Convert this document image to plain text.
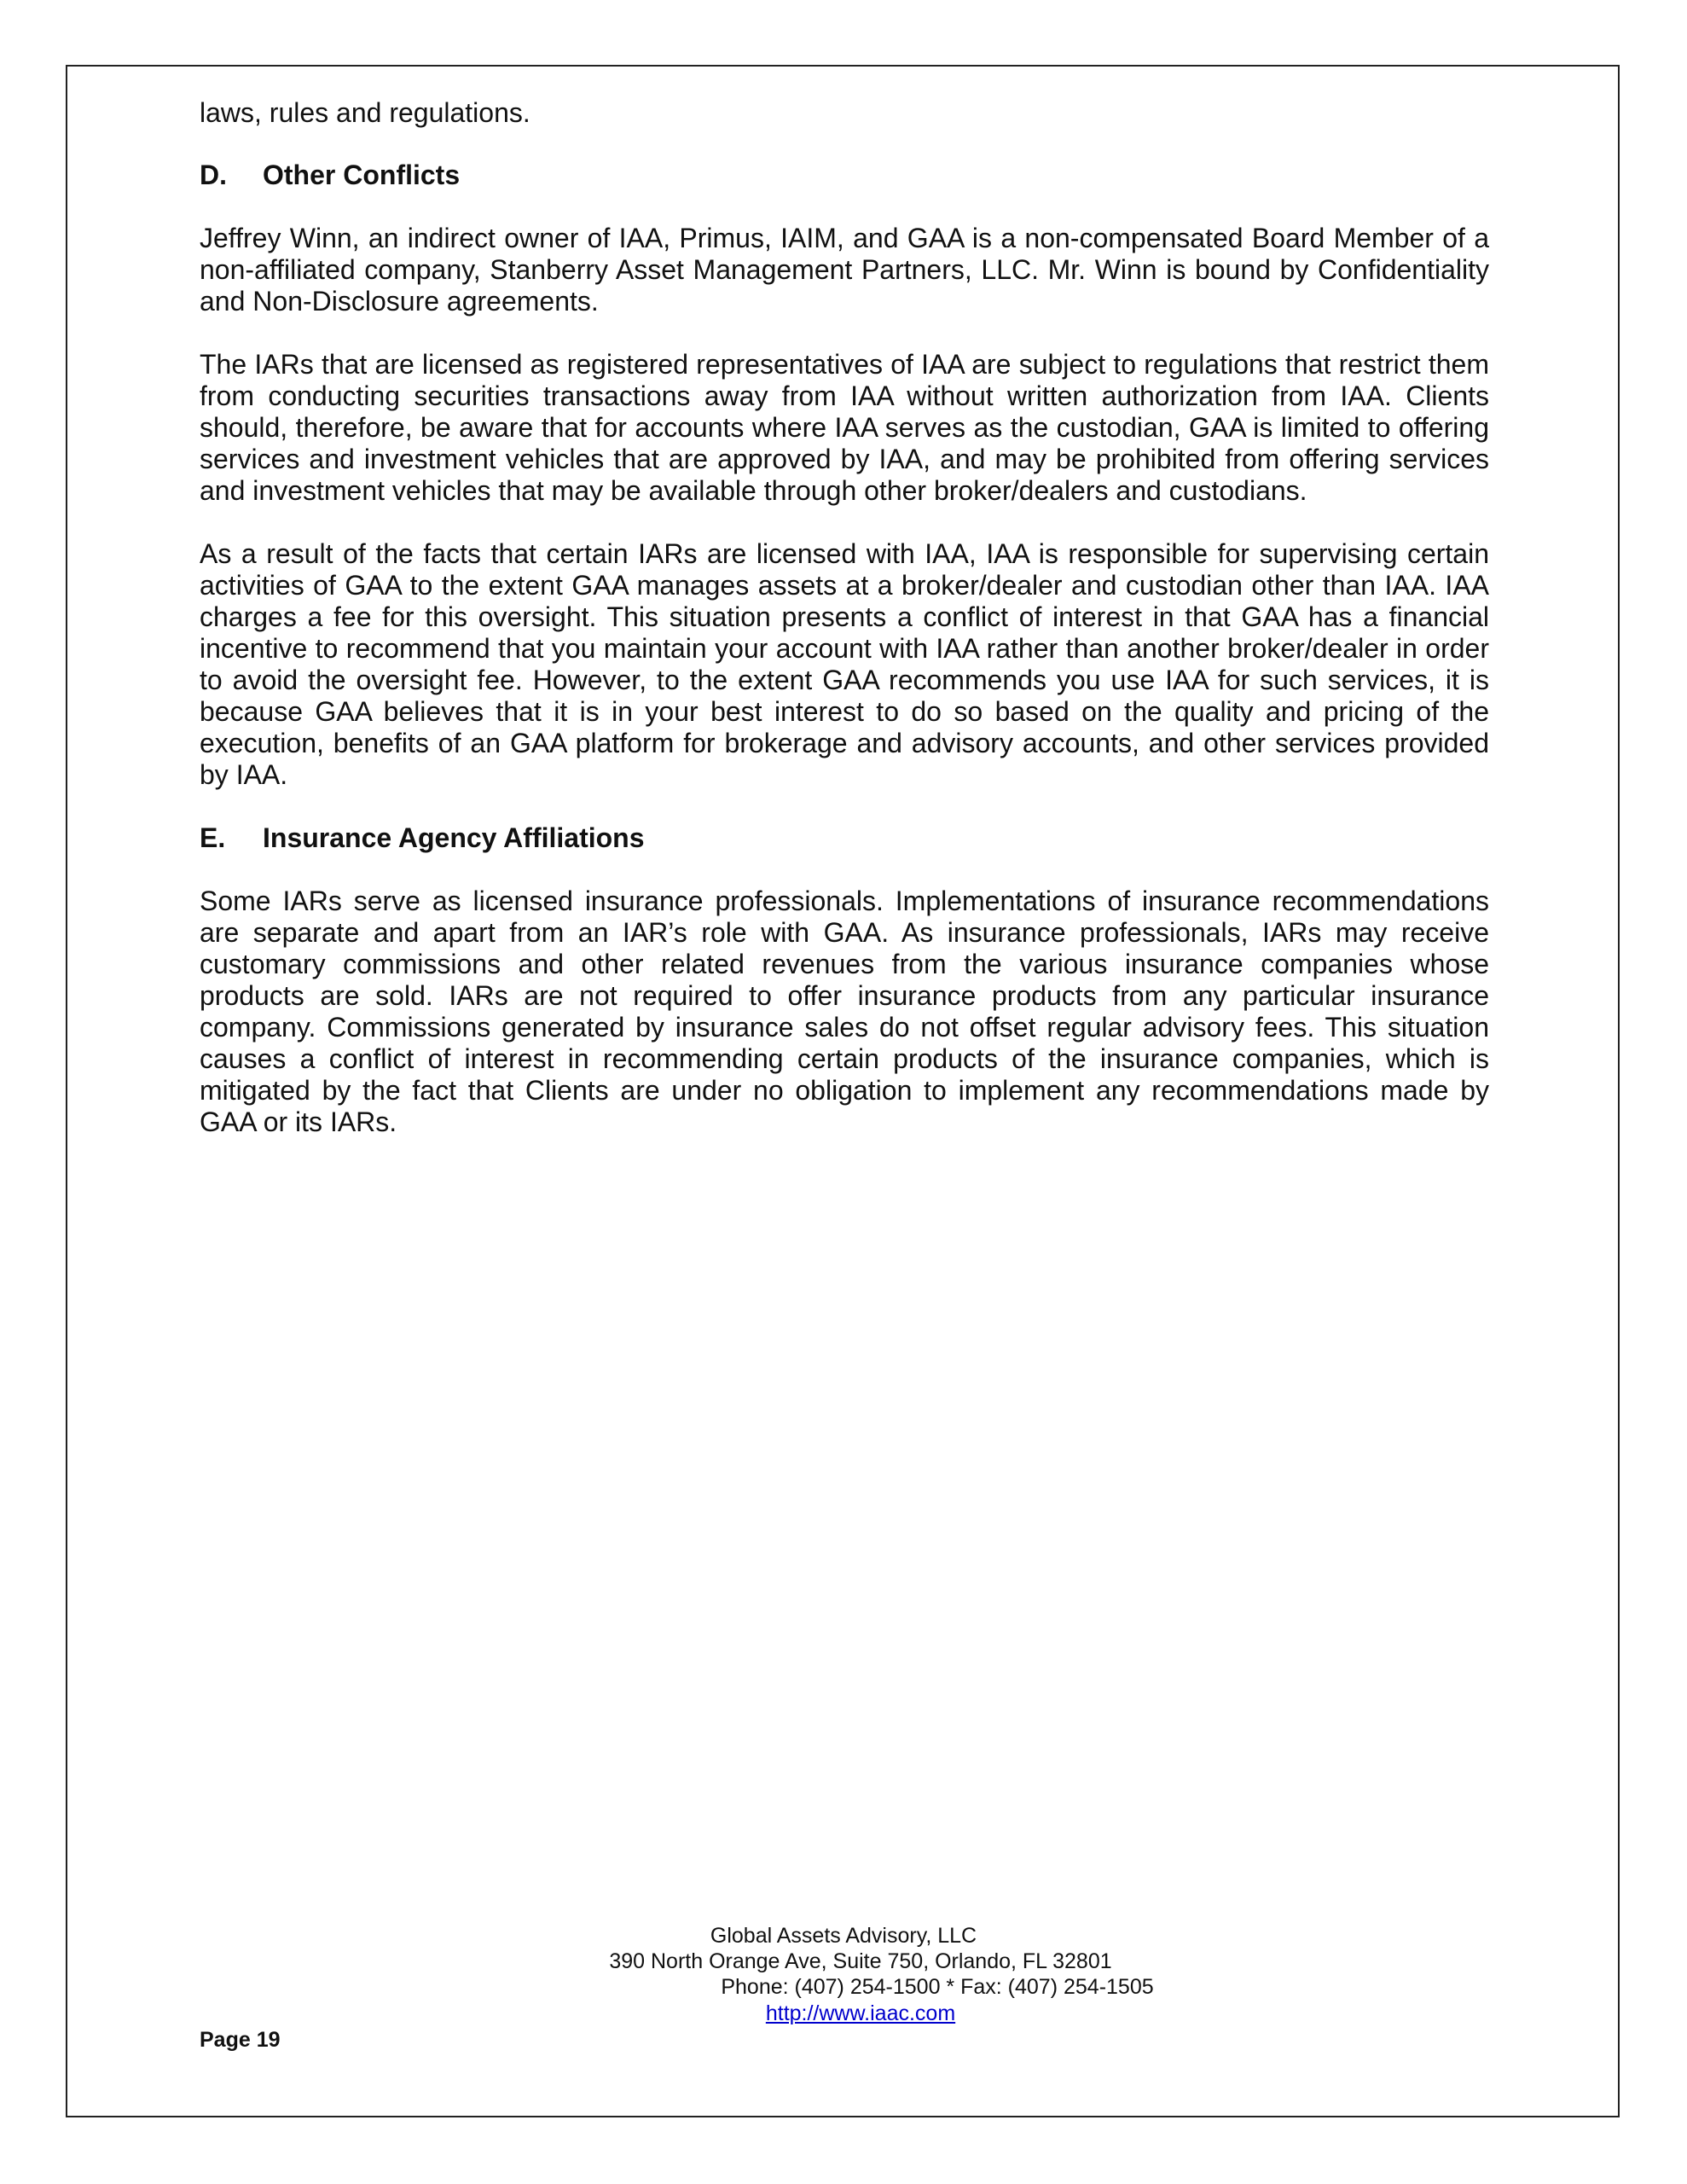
laws, rules and regulations.

D.	Other Conflicts

Jeffrey Winn, an indirect owner of IAA, Primus, IAIM, and GAA is a non-compensated Board Member of a non-affiliated company, Stanberry Asset Management Partners, LLC. Mr. Winn is bound by Confidentiality and Non-Disclosure agreements.

The IARs that are licensed as registered representatives of IAA are subject to regulations that restrict them from conducting securities transactions away from IAA without written authorization from IAA. Clients should, therefore, be aware that for accounts where IAA serves as the custodian, GAA is limited to offering services and investment vehicles that are approved by IAA, and may be prohibited from offering services and investment vehicles that may be available through other broker/dealers and custodians.

As a result of the facts that certain IARs are licensed with IAA, IAA is responsible for supervising certain activities of GAA to the extent GAA manages assets at a broker/dealer and custodian other than IAA. IAA charges a fee for this oversight. This situation presents a conflict of interest in that GAA has a financial incentive to recommend that you maintain your account with IAA rather than another broker/dealer in order to avoid the oversight fee. However, to the extent GAA recommends you use IAA for such services, it is because GAA believes that it is in your best interest to do so based on the quality and pricing of the execution, benefits of an GAA platform for brokerage and advisory accounts, and other services provided by IAA.

E.	Insurance Agency Affiliations

Some IARs serve as licensed insurance professionals. Implementations of insurance recommendations are separate and apart from an IAR’s role with GAA. As insurance professionals, IARs may receive customary commissions and other related revenues from the various insurance companies whose products are sold. IARs are not required to offer insurance products from any particular insurance company. Commissions generated by insurance sales do not offset regular advisory fees. This situation causes a conflict of interest in recommending certain products of the insurance companies, which is mitigated by the fact that Clients are under no obligation to implement any recommendations made by GAA or its IARs.

Global Assets Advisory, LLC
390 North Orange Ave, Suite 750, Orlando, FL 32801
Phone: (407) 254-1500 * Fax: (407) 254-1505
http://www.iaac.com
Page 19
